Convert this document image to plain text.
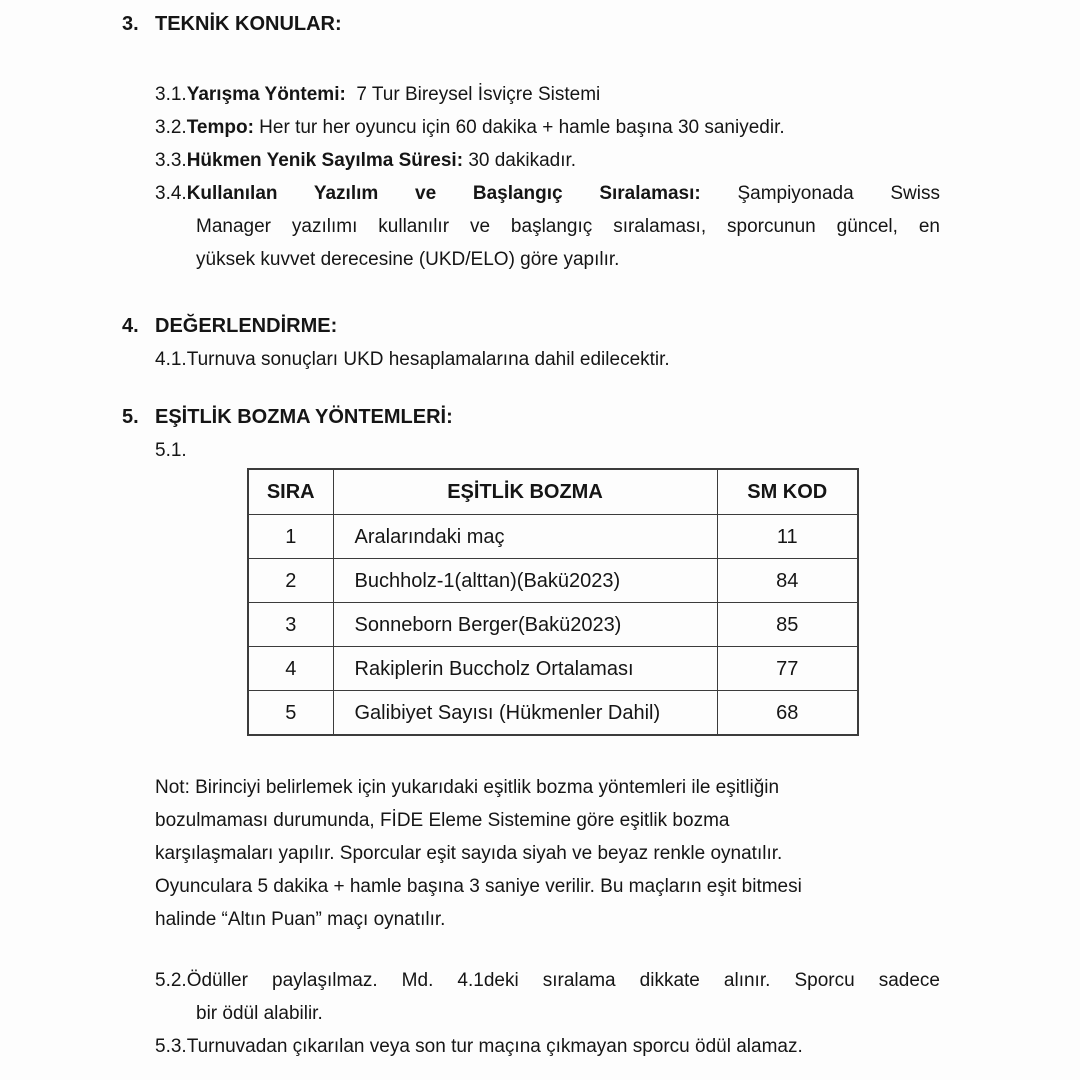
3. TEKNİK KONULAR:
3.1.Yarışma Yöntemi:  7 Tur Bireysel İsviçre Sistemi
3.2.Tempo: Her tur her oyuncu için 60 dakika + hamle başına 30 saniyedir.
3.3.Hükmen Yenik Sayılma Süresi: 30 dakikadır.
3.4.Kullanılan Yazılım ve Başlangıç Sıralaması: Şampiyonada Swiss
Manager yazılımı kullanılır ve başlangıç sıralaması, sporcunun güncel, en
yüksek kuvvet derecesine (UKD/ELO) göre yapılır.
4. DEĞERLENDİRME:
4.1.Turnuva sonuçları UKD hesaplamalarına dahil edilecektir.
5. EŞİTLİK BOZMA YÖNTEMLERİ:
5.1.
SIRA	EŞİTLİK BOZMA	SM KOD
1	Aralarındaki maç	11
2	Buchholz-1(alttan)(Bakü2023)	84
3	Sonneborn Berger(Bakü2023)	85
4	Rakiplerin Buccholz Ortalaması	77
5	Galibiyet Sayısı (Hükmenler Dahil)	68
Not: Birinciyi belirlemek için yukarıdaki eşitlik bozma yöntemleri ile eşitliğin
bozulmaması durumunda, FİDE Eleme Sistemine göre eşitlik bozma
karşılaşmaları yapılır. Sporcular eşit sayıda siyah ve beyaz renkle oynatılır.
Oyunculara 5 dakika + hamle başına 3 saniye verilir. Bu maçların eşit bitmesi
halinde “Altın Puan” maçı oynatılır.
5.2.Ödüller paylaşılmaz. Md. 4.1deki sıralama dikkate alınır. Sporcu sadece
bir ödül alabilir.
5.3.Turnuvadan çıkarılan veya son tur maçına çıkmayan sporcu ödül alamaz.
